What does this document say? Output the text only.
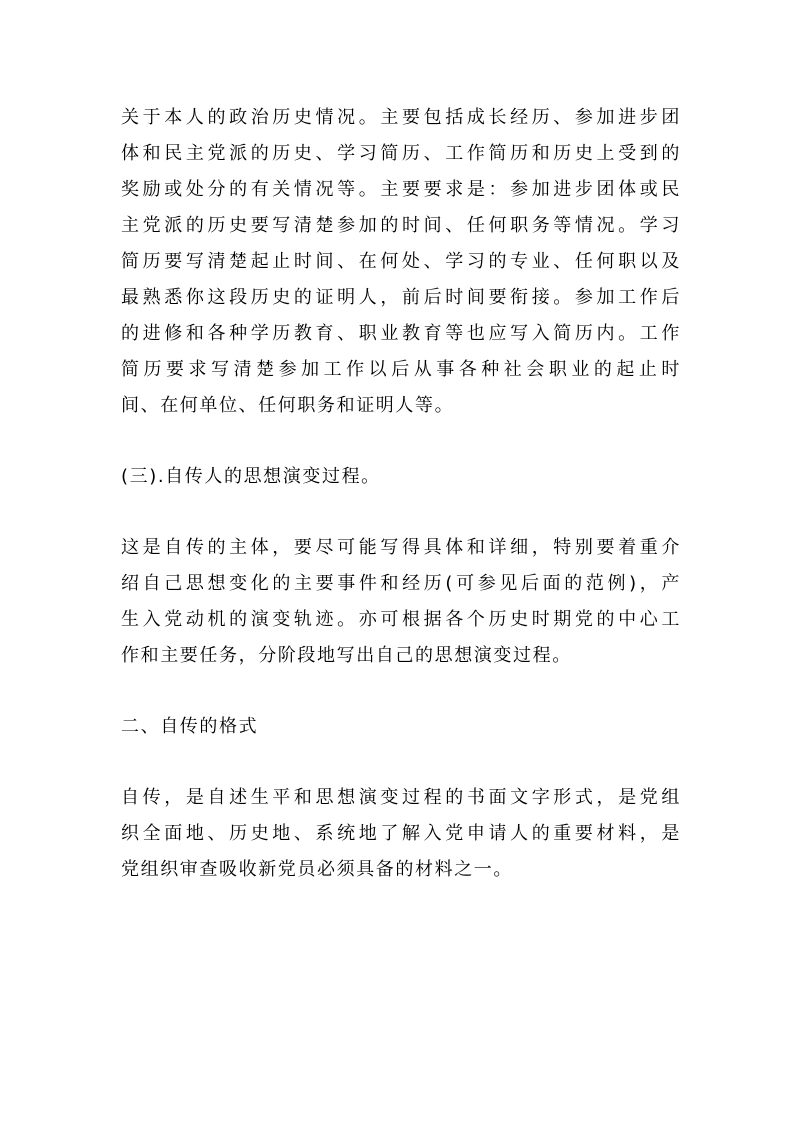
关于本人的政治历史情况。主要包括成长经历、参加进步团
体和民主党派的历史、学习简历、工作简历和历史上受到的
奖励或处分的有关情况等。主要要求是：参加进步团体或民
主党派的历史要写清楚参加的时间、任何职务等情况。学习
简历要写清楚起止时间、在何处、学习的专业、任何职以及
最熟悉你这段历史的证明人，前后时间要衔接。参加工作后
的进修和各种学历教育、职业教育等也应写入简历内。工作
简历要求写清楚参加工作以后从事各种社会职业的起止时
间、在何单位、任何职务和证明人等。
(三).自传人的思想演变过程。
这是自传的主体，要尽可能写得具体和详细，特别要着重介
绍自己思想变化的主要事件和经历(可参见后面的范例)，产
生入党动机的演变轨迹。亦可根据各个历史时期党的中心工
作和主要任务，分阶段地写出自己的思想演变过程。
二、自传的格式
自传，是自述生平和思想演变过程的书面文字形式，是党组
织全面地、历史地、系统地了解入党申请人的重要材料，是
党组织审查吸收新党员必须具备的材料之一。
